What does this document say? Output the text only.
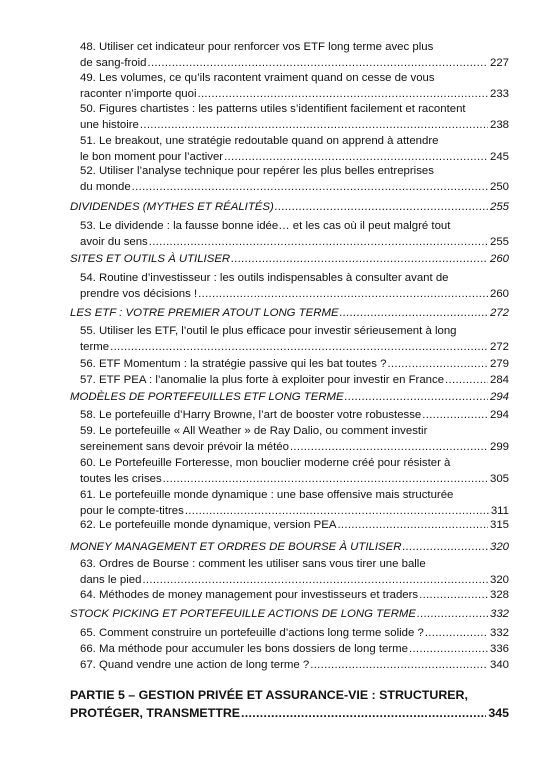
48. Utiliser cet indicateur pour renforcer vos ETF long terme avec plus
de sang-froid .....	227
49. Les volumes, ce qu’ils racontent vraiment quand on cesse de vous
raconter n’importe quoi .....	233
50. Figures chartistes : les patterns utiles s’identifient facilement et racontent
une histoire .....	238
51. Le breakout, une stratégie redoutable quand on apprend à attendre
le bon moment pour l’activer .....	245
52. Utiliser l’analyse technique pour repérer les plus belles entreprises
du monde .....	250
DIVIDENDES (MYTHES ET RÉALITÉS) .....	255
53. Le dividende : la fausse bonne idée… et les cas où il peut malgré tout
avoir du sens .....	255
SITES ET OUTILS À UTILISER .....	260
54. Routine d’investisseur : les outils indispensables à consulter avant de
prendre vos décisions ! .....	260
LES ETF : VOTRE PREMIER ATOUT LONG TERME .....	272
55. Utiliser les ETF, l’outil le plus efficace pour investir sérieusement à long
terme .....	272
56. ETF Momentum : la stratégie passive qui les bat toutes ? .....	279
57. ETF PEA : l’anomalie la plus forte à exploiter pour investir en France .....	284
MODÈLES DE PORTEFEUILLES ETF LONG TERME .....	294
58. Le portefeuille d’Harry Browne, l’art de booster votre robustesse .....	294
59. Le portefeuille « All Weather » de Ray Dalio, ou comment investir
sereinement sans devoir prévoir la météo .....	299
60. Le Portefeuille Forteresse, mon bouclier moderne créé pour résister à
toutes les crises .....	305
61. Le portefeuille monde dynamique : une base offensive mais structurée
pour le compte-titres .....	311
62. Le portefeuille monde dynamique, version PEA .....	315
MONEY MANAGEMENT ET ORDRES DE BOURSE À UTILISER .....	320
63. Ordres de Bourse : comment les utiliser sans vous tirer une balle
dans le pied .....	320
64. Méthodes de money management pour investisseurs et traders .....	328
STOCK PICKING ET PORTEFEUILLE ACTIONS DE LONG TERME .....	332
65. Comment construire un portefeuille d’actions long terme solide ? .....	332
66. Ma méthode pour accumuler les bons dossiers de long terme .....	336
67. Quand vendre une action de long terme ? .....	340
PARTIE 5 – GESTION PRIVÉE ET ASSURANCE-VIE : STRUCTURER,
PROTÉGER, TRANSMETTRE .....	345
